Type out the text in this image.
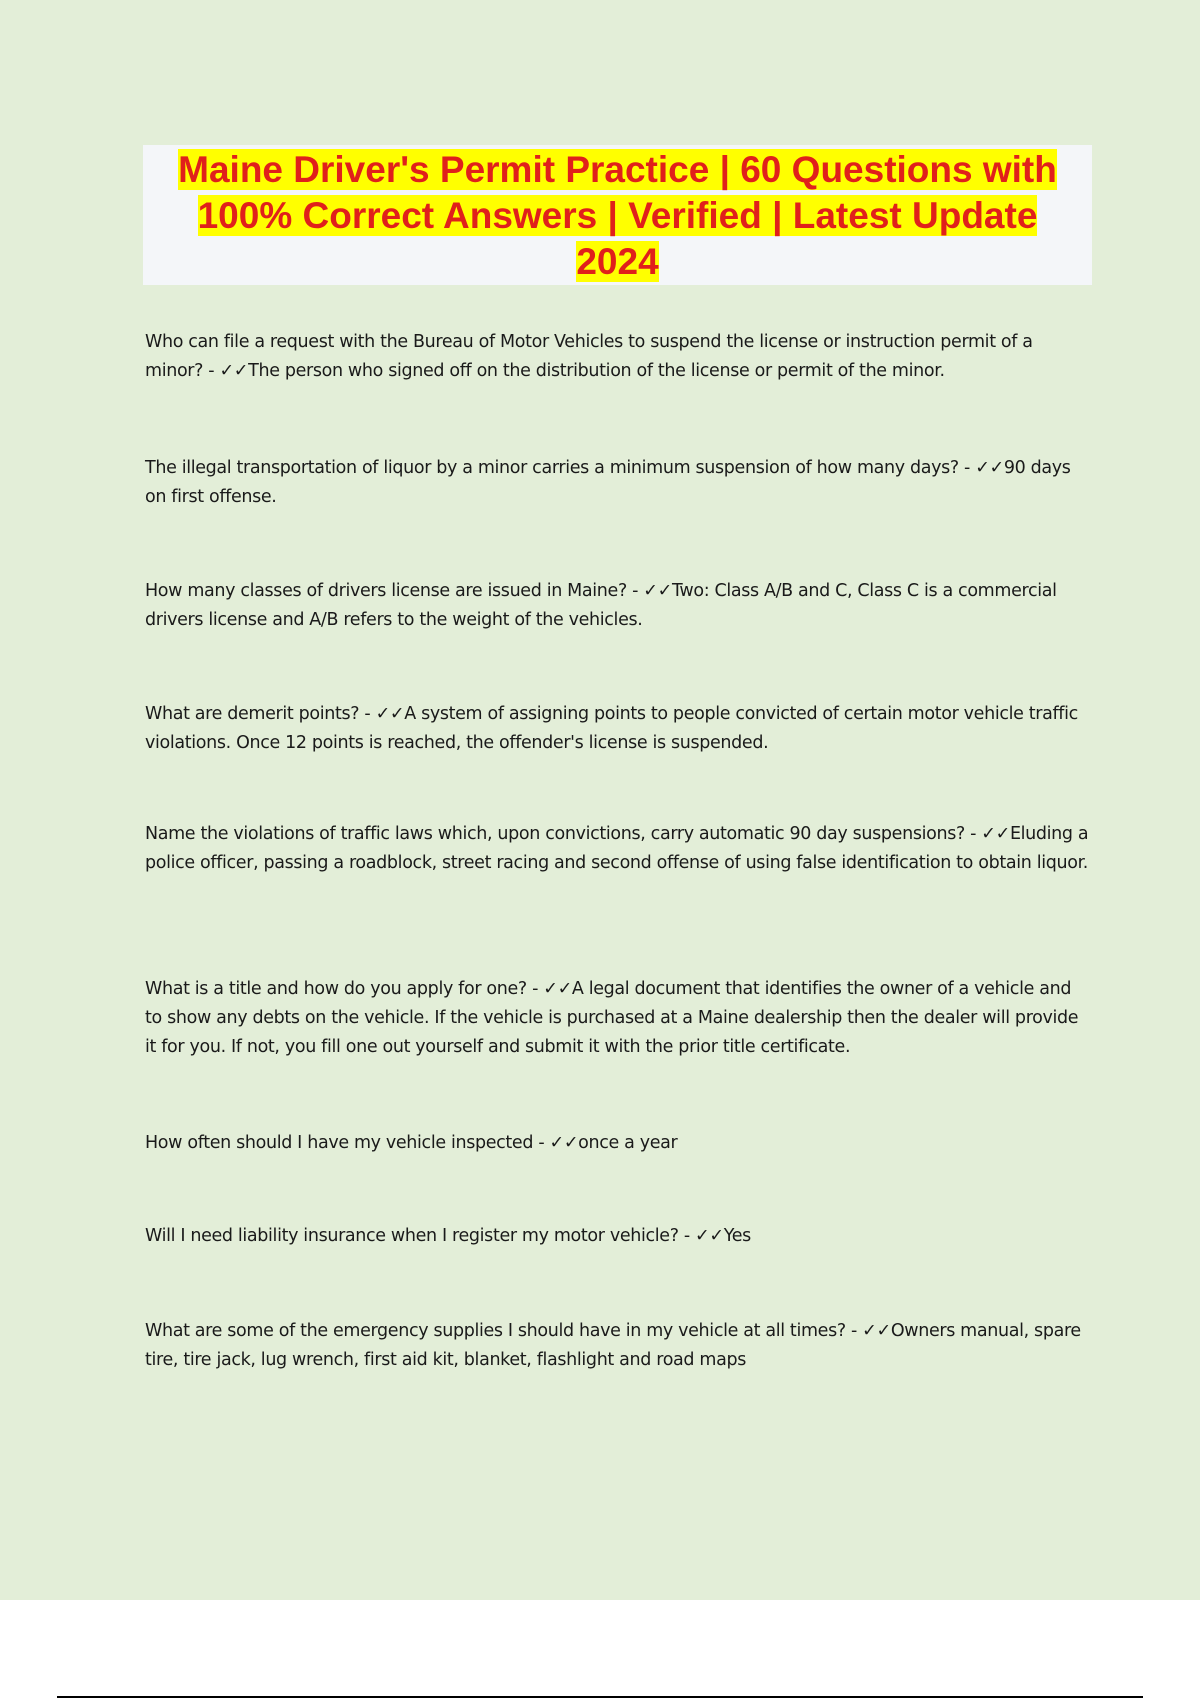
Maine Driver's Permit Practice | 60 Questions with 100% Correct Answers | Verified | Latest Update 2024

Who can file a request with the Bureau of Motor Vehicles to suspend the license or instruction permit of a minor? - ✓✓The person who signed off on the distribution of the license or permit of the minor.

The illegal transportation of liquor by a minor carries a minimum suspension of how many days? - ✓✓90 days on first offense.

How many classes of drivers license are issued in Maine? - ✓✓Two: Class A/B and C, Class C is a commercial drivers license and A/B refers to the weight of the vehicles.

What are demerit points? - ✓✓A system of assigning points to people convicted of certain motor vehicle traffic violations. Once 12 points is reached, the offender's license is suspended.

Name the violations of traffic laws which, upon convictions, carry automatic 90 day suspensions? - ✓✓Eluding a police officer, passing a roadblock, street racing and second offense of using false identification to obtain liquor.

What is a title and how do you apply for one? - ✓✓A legal document that identifies the owner of a vehicle and to show any debts on the vehicle. If the vehicle is purchased at a Maine dealership then the dealer will provide it for you. If not, you fill one out yourself and submit it with the prior title certificate.

How often should I have my vehicle inspected - ✓✓once a year

Will I need liability insurance when I register my motor vehicle? - ✓✓Yes

What are some of the emergency supplies I should have in my vehicle at all times? - ✓✓Owners manual, spare tire, tire jack, lug wrench, first aid kit, blanket, flashlight and road maps
